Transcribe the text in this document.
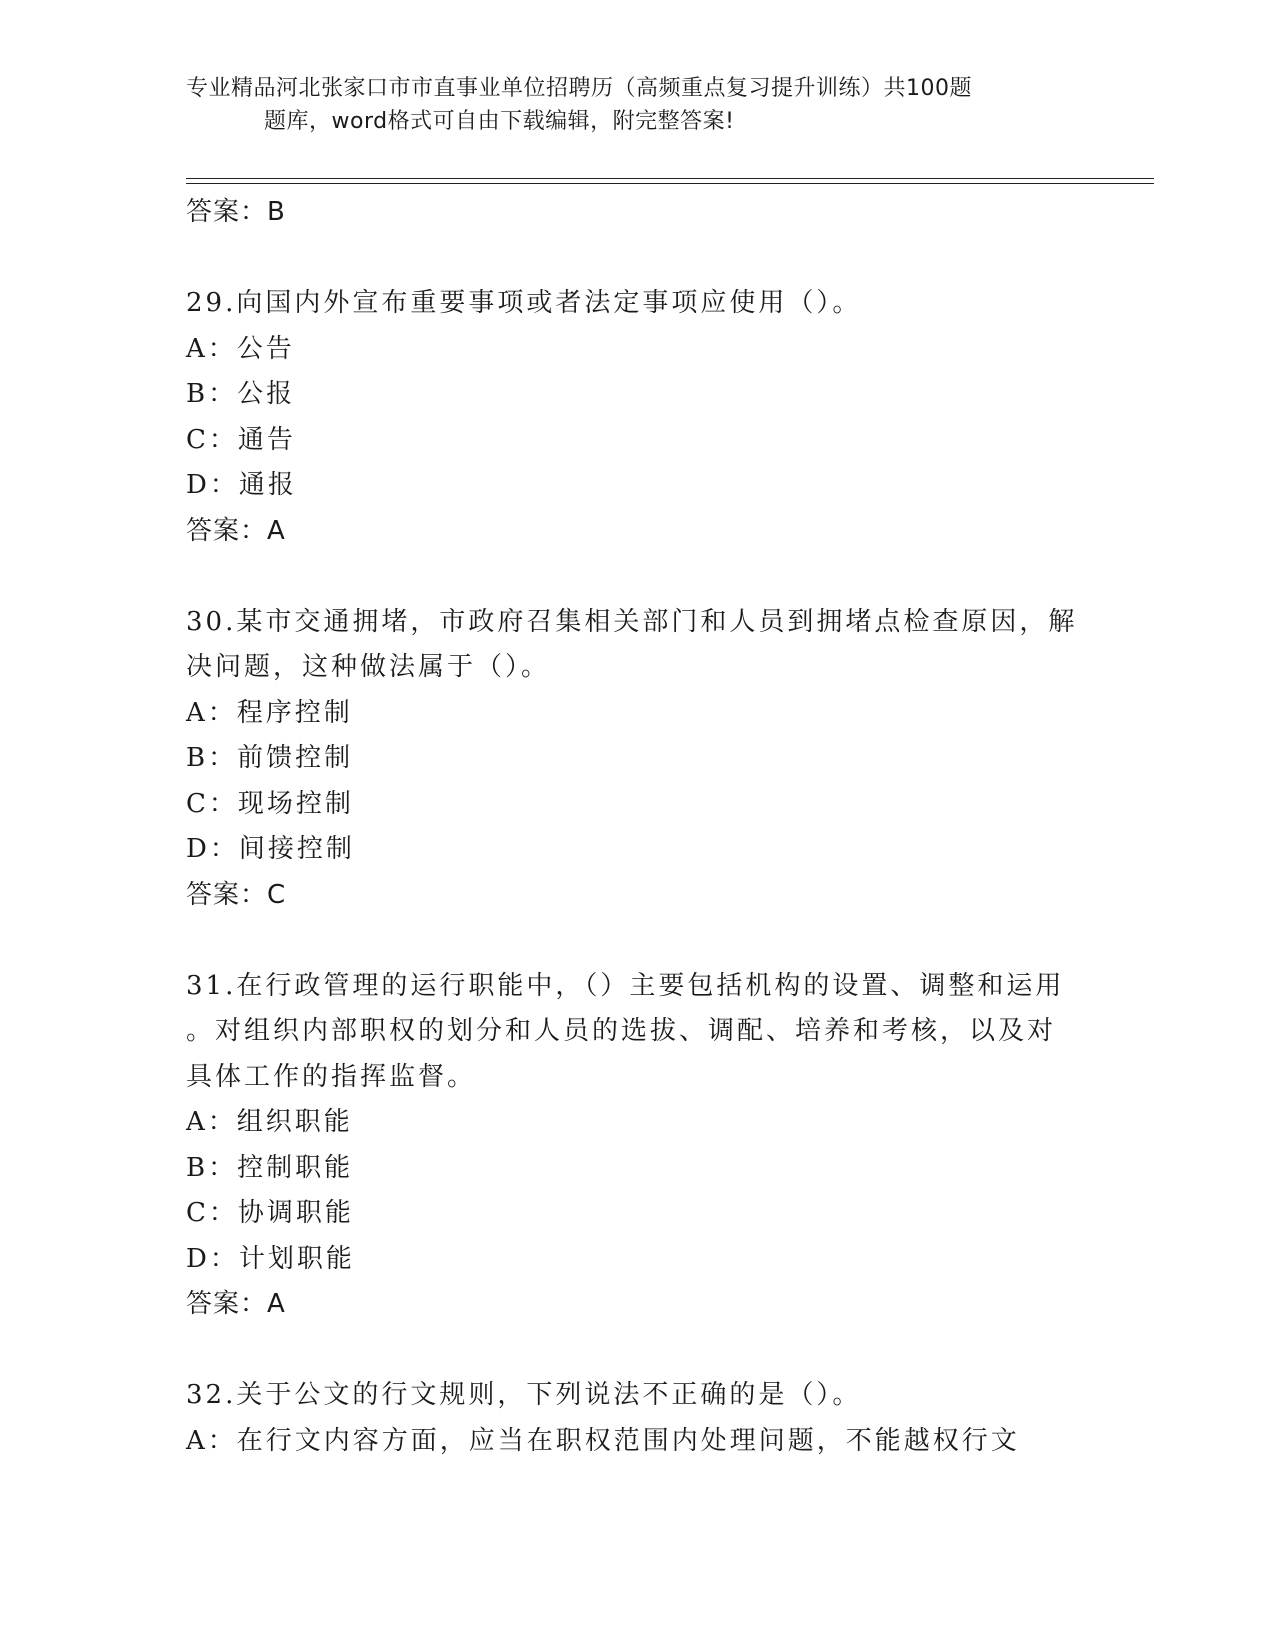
专业精品河北张家口市市直事业单位招聘历（高频重点复习提升训练）共100题
题库，word格式可自由下载编辑，附完整答案!
答案：B
29.向国内外宣布重要事项或者法定事项应使用（）。
A：公告
B：公报
C：通告
D：通报
答案：A
30.某市交通拥堵，市政府召集相关部门和人员到拥堵点检查原因，解
决问题，这种做法属于（）。
A：程序控制
B：前馈控制
C：现场控制
D：间接控制
答案：C
31.在行政管理的运行职能中，（）主要包括机构的设置、调整和运用
。对组织内部职权的划分和人员的选拔、调配、培养和考核，以及对
具体工作的指挥监督。
A：组织职能
B：控制职能
C：协调职能
D：计划职能
答案：A
32.关于公文的行文规则，下列说法不正确的是（）。
A：在行文内容方面，应当在职权范围内处理问题，不能越权行文
